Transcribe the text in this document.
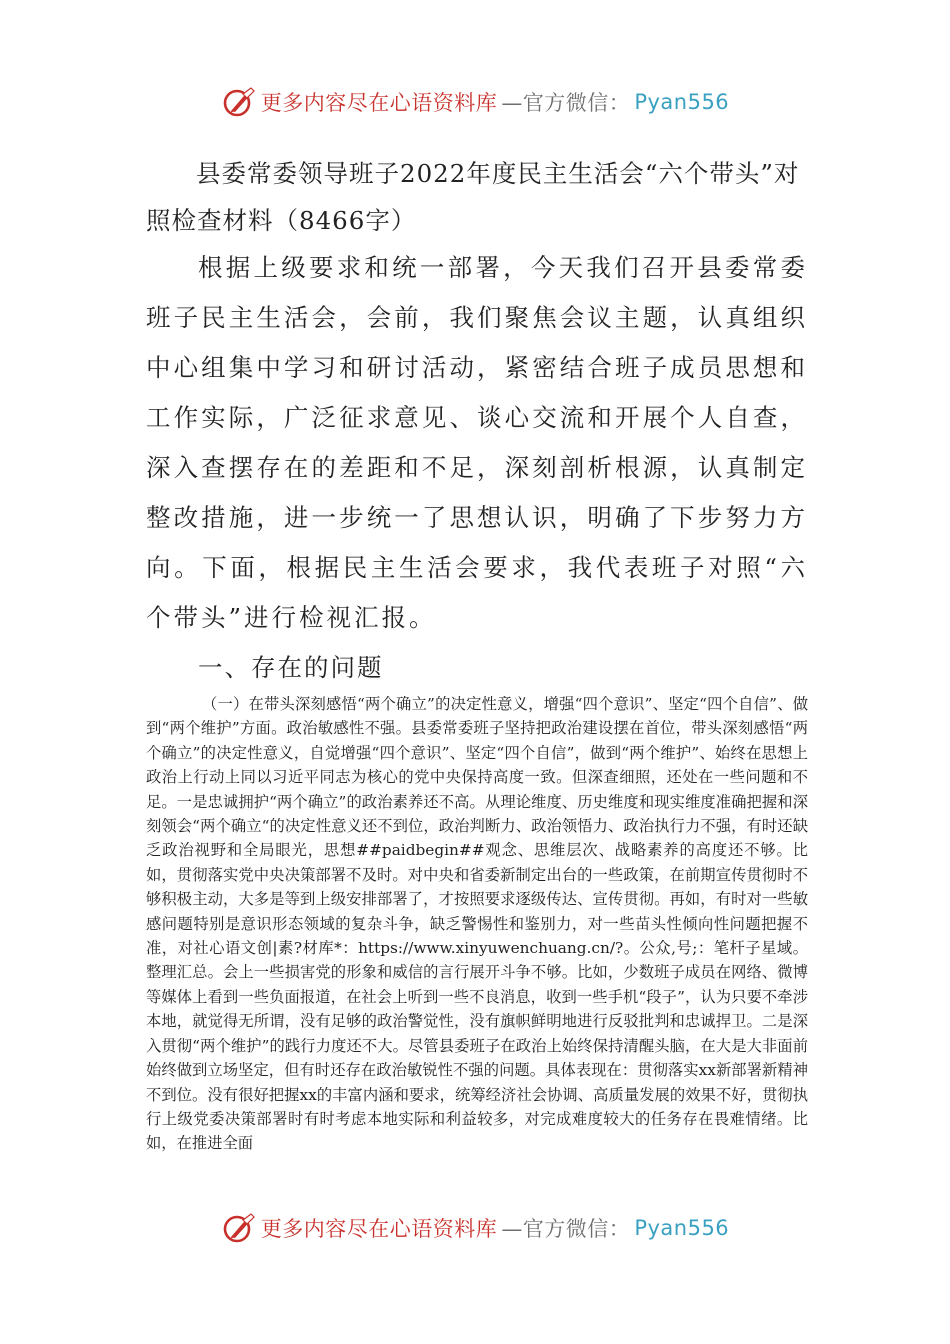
更多内容尽在心语资料库 —官方微信： Pyan556
县委常委领导班子2022年度民主生活会“六个带头”对照检查材料（8466字）

根据上级要求和统一部署，今天我们召开县委常委班子民主生活会，会前，我们聚焦会议主题，认真组织中心组集中学习和研讨活动，紧密结合班子成员思想和工作实际，广泛征求意见、谈心交流和开展个人自查，深入查摆存在的差距和不足，深刻剖析根源，认真制定整改措施，进一步统一了思想认识，明确了下步努力方向。下面，根据民主生活会要求，我代表班子对照“六个带头”进行检视汇报。

一、存在的问题

（一）在带头深刻感悟“两个确立”的决定性意义，增强“四个意识”、坚定“四个自信”、做到“两个维护”方面。政治敏感性不强。县委常委班子坚持把政治建设摆在首位，带头深刻感悟“两个确立”的决定性意义，自觉增强“四个意识”、坚定“四个自信”，做到“两个维护”、始终在思想上政治上行动上同以习近平同志为核心的党中央保持高度一致。但深查细照，还处在一些问题和不足。一是忠诚拥护“两个确立”的政治素养还不高。从理论维度、历史维度和现实维度准确把握和深刻领会“两个确立“的决定性意义还不到位，政治判断力、政治领悟力、政治执行力不强，有时还缺乏政治视野和全局眼光，思想##paidbegin##观念、思维层次、战略素养的高度还不够。比如，贯彻落实党中央决策部署不及时。对中央和省委新制定出台的一些政策，在前期宣传贯彻时不够积极主动，大多是等到上级安排部署了，才按照要求逐级传达、宣传贯彻。再如，有时对一些敏感问题特别是意识形态领域的复杂斗争，缺乏警惕性和鉴别力，对一些苗头性倾向性问题把握不准，对社心语文创|素?材库*：https://www.xinyuwenchuang.cn/?。公众,号;：笔杆子星域。整理汇总。会上一些损害党的形象和威信的言行展开斗争不够。比如，少数班子成员在网络、微博等媒体上看到一些负面报道，在社会上听到一些不良消息，收到一些手机“段子”，认为只要不牵涉本地，就觉得无所谓，没有足够的政治警觉性，没有旗帜鲜明地进行反驳批判和忠诚捍卫。二是深入贯彻“两个维护”的践行力度还不大。尽管县委班子在政治上始终保持清醒头脑，在大是大非面前始终做到立场坚定，但有时还存在政治敏锐性不强的问题。具体表现在：贯彻落实xx新部署新精神不到位。没有很好把握xx的丰富内涵和要求，统筹经济社会协调、高质量发展的效果不好，贯彻执行上级党委决策部署时有时考虑本地实际和利益较多，对完成难度较大的任务存在畏难情绪。比如，在推进全面

更多内容尽在心语资料库 —官方微信： Pyan556
